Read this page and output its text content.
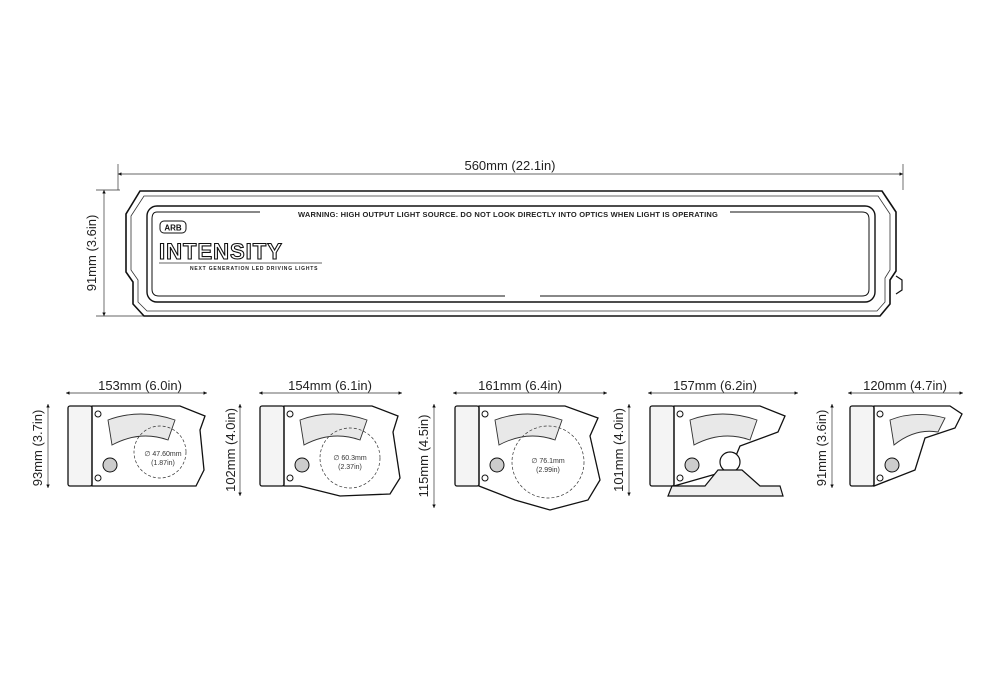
560mm (22.1in)
91mm (3.6in)
WARNING: HIGH OUTPUT LIGHT SOURCE. DO NOT LOOK DIRECTLY INTO OPTICS WHEN LIGHT IS OPERATING
ARB
INTENSITY
NEXT GENERATION LED DRIVING LIGHTS
153mm (6.0in)
93mm (3.7in)	∅ 47.60mm
(1.87in)
154mm (6.1in)
102mm (4.0in)	∅ 60.3mm
(2.37in)
161mm (6.4in)
115mm (4.5in)	∅ 76.1mm
(2.99in)
157mm (6.2in)
101mm (4.0in)
120mm (4.7in)
91mm (3.6in)
